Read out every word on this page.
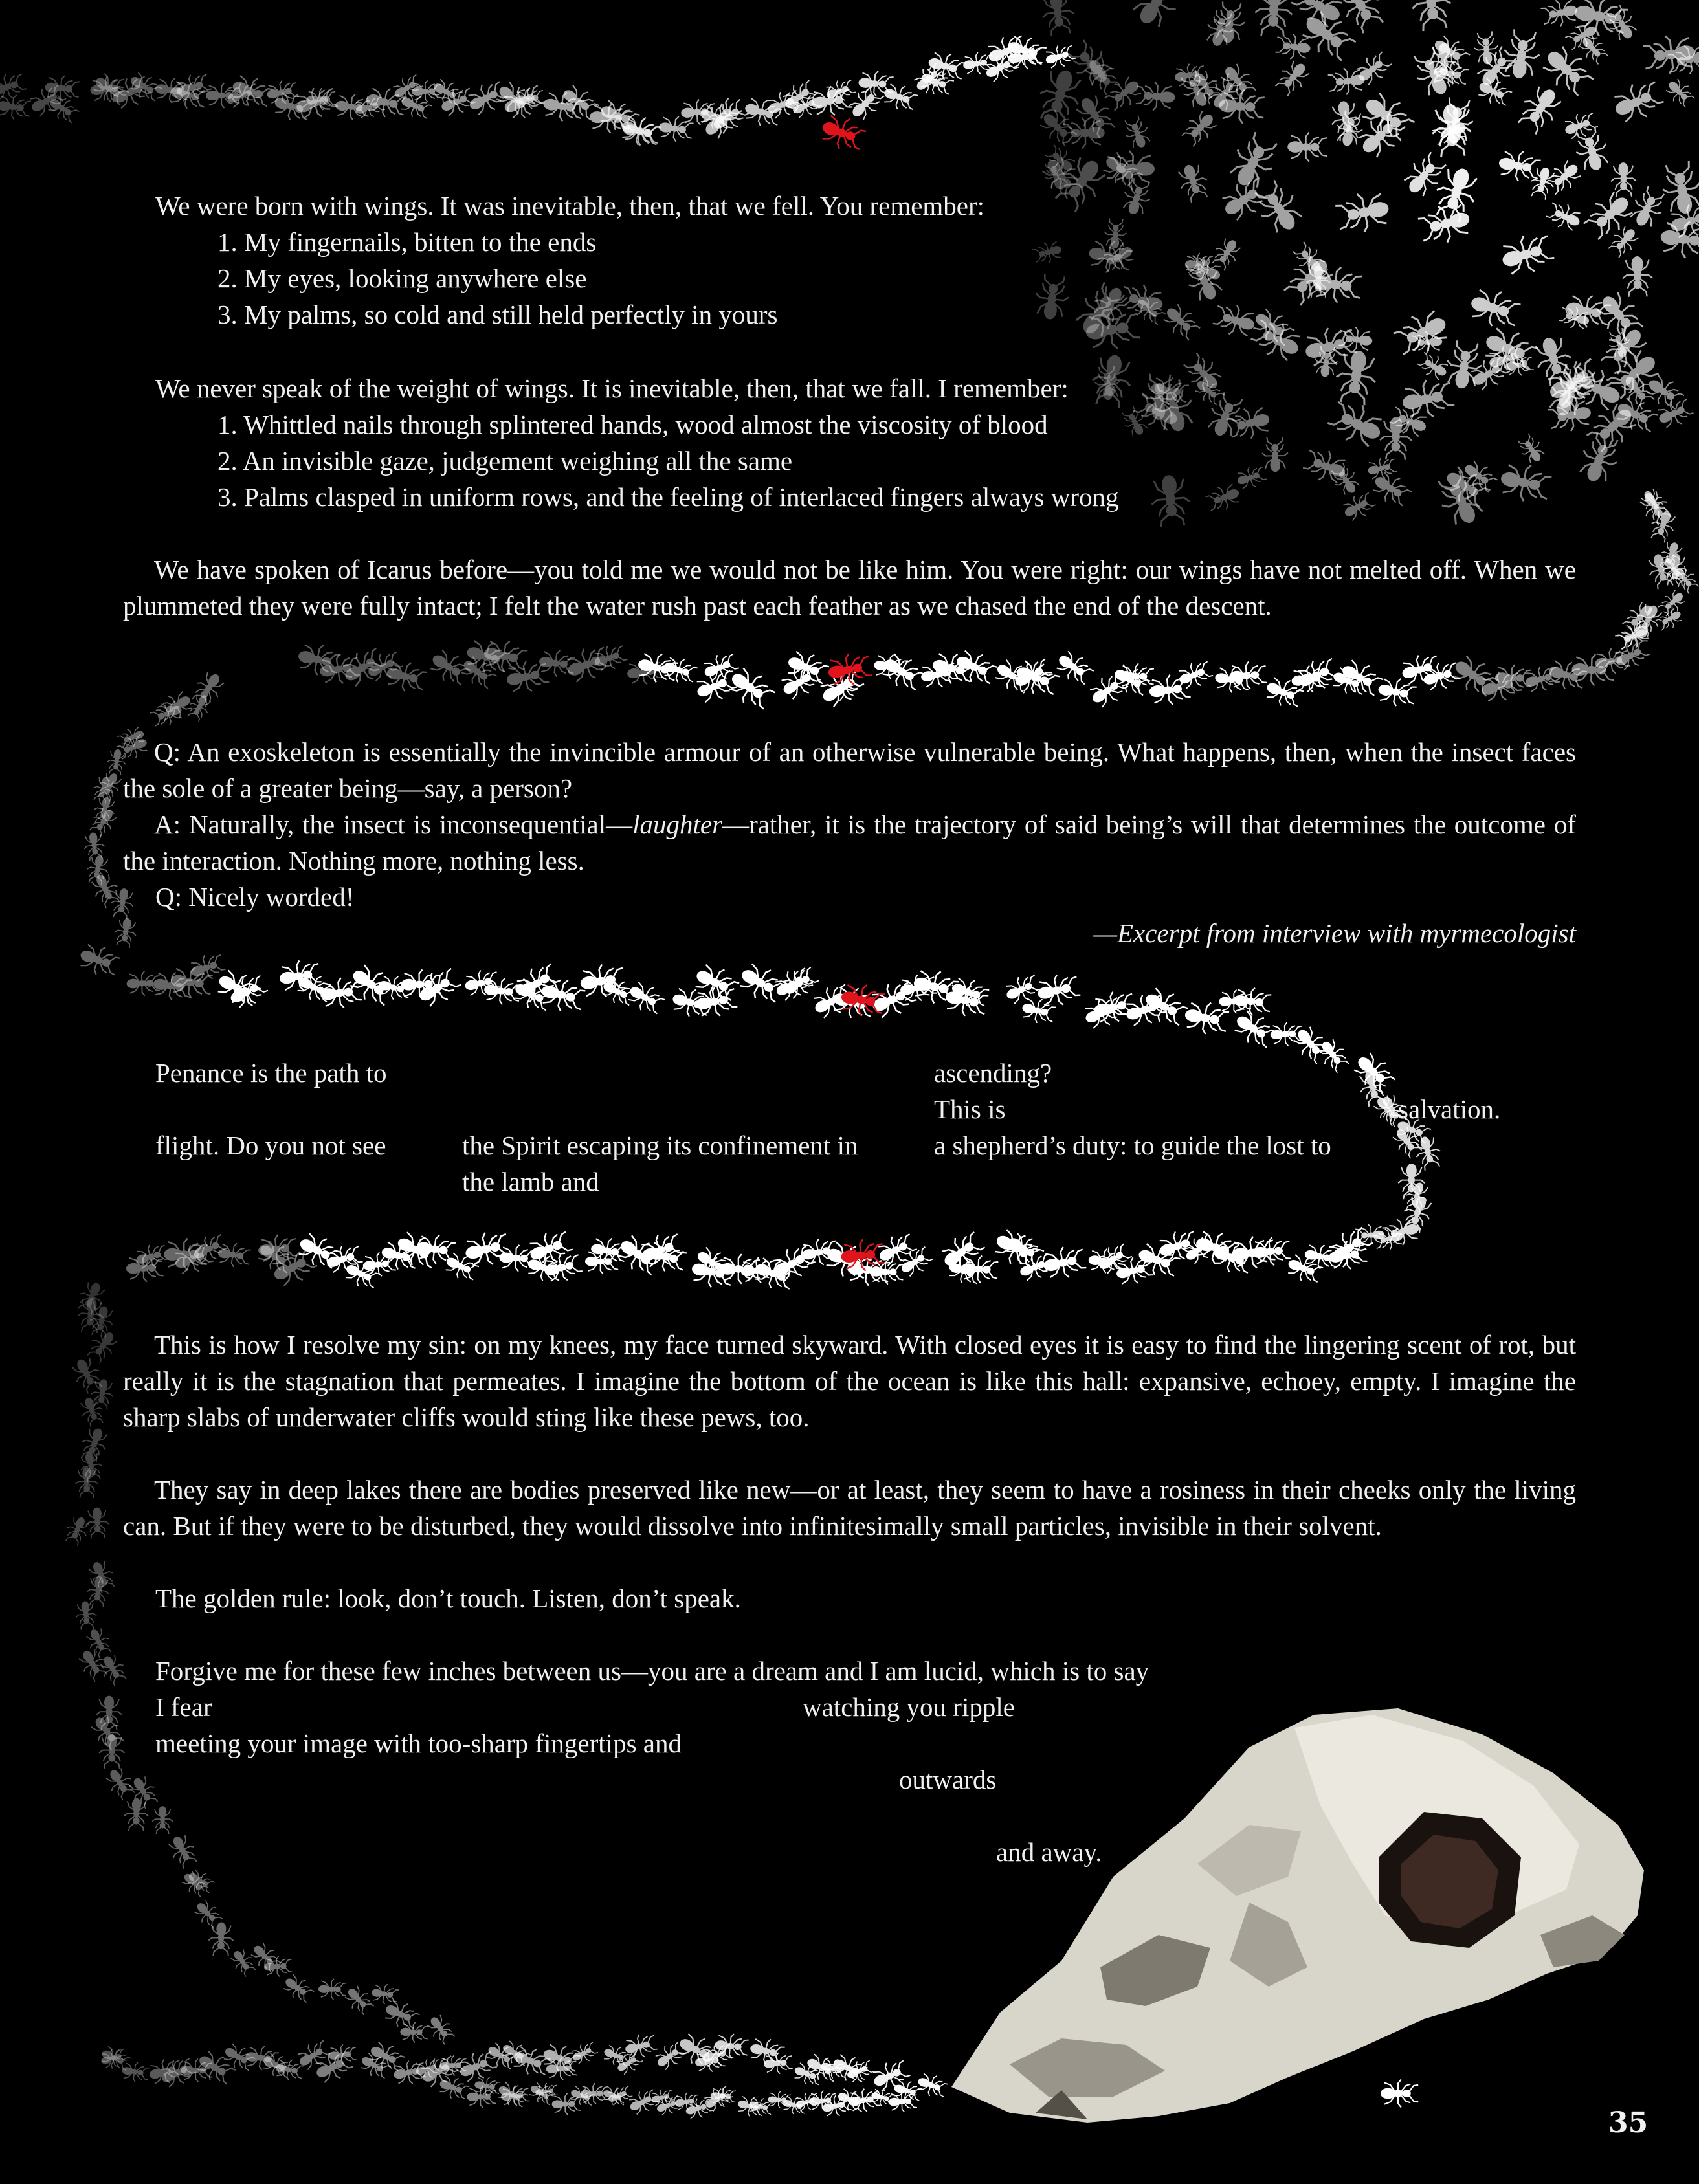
We were born with wings. It was inevitable, then, that we fell. You remember:
1. My fingernails, bitten to the ends
2. My eyes, looking anywhere else
3. My palms, so cold and still held perfectly in yours
We never speak of the weight of wings. It is inevitable, then, that we fall. I remember:
1. Whittled nails through splintered hands, wood almost the viscosity of blood
2. An invisible gaze, judgement weighing all the same
3. Palms clasped in uniform rows, and the feeling of interlaced fingers always wrong
We have spoken of Icarus before—you told me we would not be like him. You were right: our wings have not melted off. When we plummeted they were fully intact; I felt the water rush past each feather as we chased the end of the descent.
Q: An exoskeleton is essentially the invincible armour of an otherwise vulnerable being. What happens, then, when the insect faces the sole of a greater being—say, a person?
A: Naturally, the insect is inconsequential—laughter—rather, it is the trajectory of said being’s will that determines the outcome of the interaction. Nothing more, nothing less.
Q: Nicely worded!
—Excerpt from interview with myrmecologist
Penance is the path to
flight. Do you not see	the Spirit escaping its confinement in
the lamb and
ascending?
This is
a shepherd’s duty: to guide the lost to
salvation.
This is how I resolve my sin: on my knees, my face turned skyward. With closed eyes it is easy to find the lingering scent of rot, but really it is the stagnation that permeates. I imagine the bottom of the ocean is like this hall: expansive, echoey, empty. I imagine the sharp slabs of underwater cliffs would sting like these pews, too.
They say in deep lakes there are bodies preserved like new—or at least, they seem to have a rosiness in their cheeks only the living can. But if they were to be disturbed, they would dissolve into infinitesimally small particles, invisible in their solvent.
The golden rule: look, don’t touch. Listen, don’t speak.
Forgive me for these few inches between us—you are a dream and I am lucid, which is to say
I fear	watching you ripple
meeting your image with too-sharp fingertips and
outwards
and away.
35
